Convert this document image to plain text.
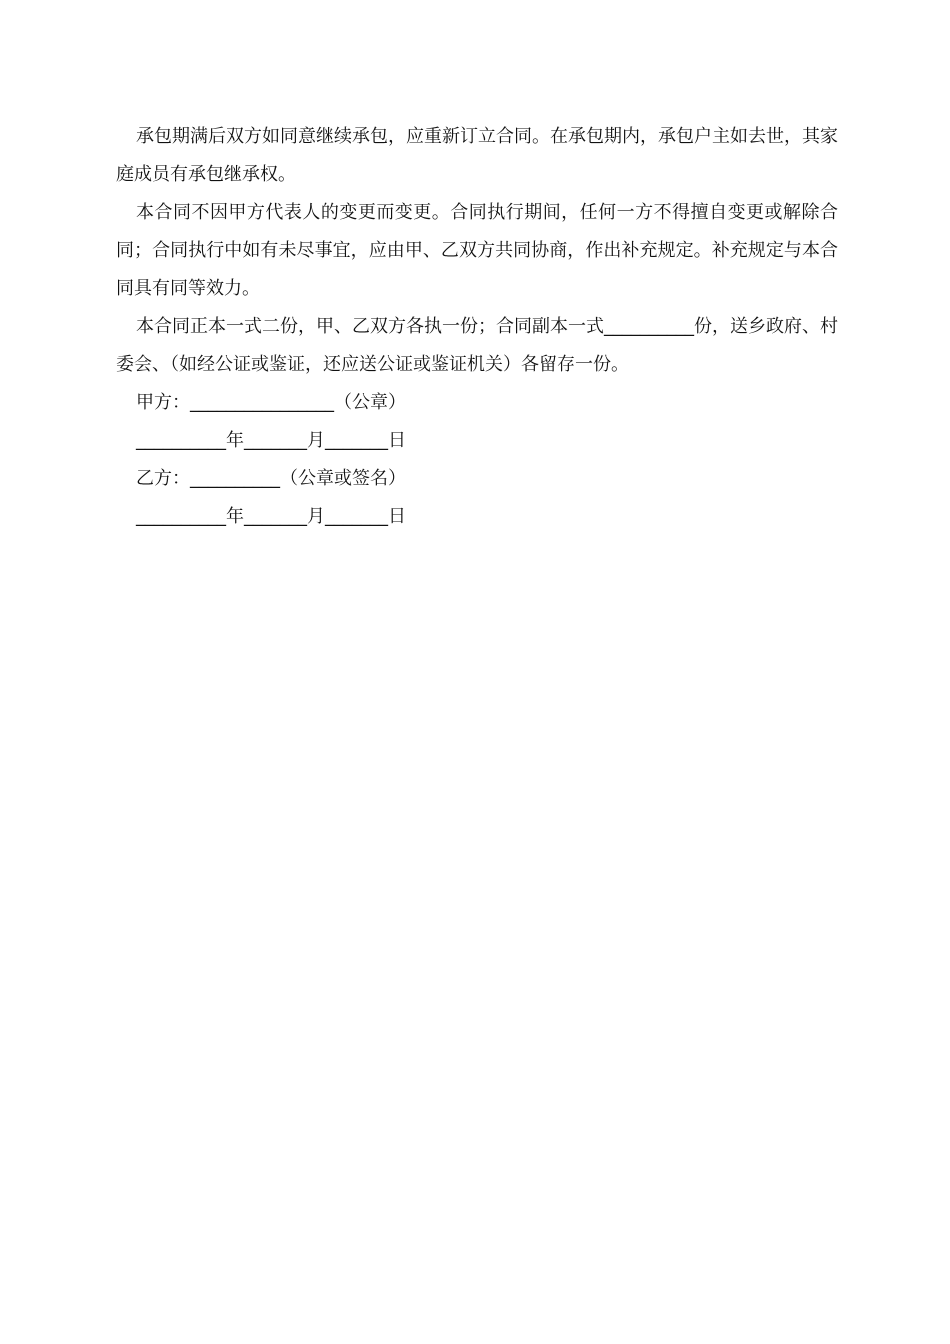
承包期满后双方如同意继续承包，应重新订立合同。在承包期内，承包户主如去世，其家庭成员有承包继承权。

本合同不因甲方代表人的变更而变更。合同执行期间，任何一方不得擅自变更或解除合同；合同执行中如有未尽事宜，应由甲、乙双方共同协商，作出补充规定。补充规定与本合同具有同等效力。

本合同正本一式二份，甲、乙双方各执一份；合同副本一式__________份，送乡政府、村委会、（如经公证或鉴证，还应送公证或鉴证机关）各留存一份。

甲方：________________（公章）

__________年_______月_______日

乙方：__________（公章或签名）

__________年_______月_______日
